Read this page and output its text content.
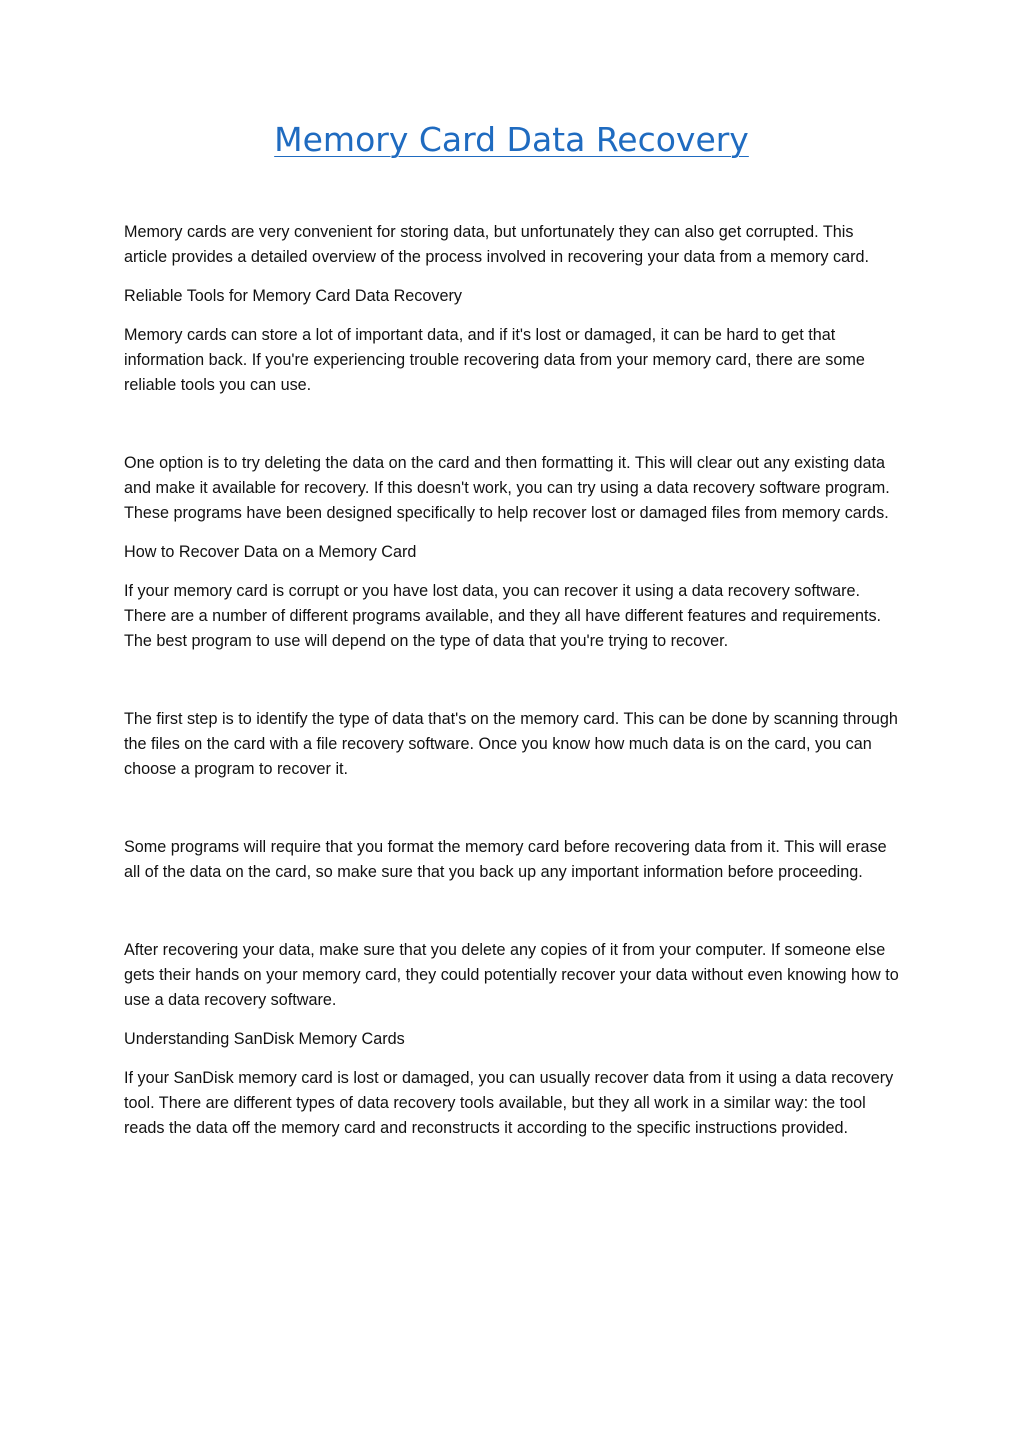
Memory Card Data Recovery

Memory cards are very convenient for storing data, but unfortunately they can also get corrupted. This article provides a detailed overview of the process involved in recovering your data from a memory card.

Reliable Tools for Memory Card Data Recovery

Memory cards can store a lot of important data, and if it's lost or damaged, it can be hard to get that information back. If you're experiencing trouble recovering data from your memory card, there are some reliable tools you can use.

One option is to try deleting the data on the card and then formatting it. This will clear out any existing data and make it available for recovery. If this doesn't work, you can try using a data recovery software program. These programs have been designed specifically to help recover lost or damaged files from memory cards.

How to Recover Data on a Memory Card

If your memory card is corrupt or you have lost data, you can recover it using a data recovery software. There are a number of different programs available, and they all have different features and requirements. The best program to use will depend on the type of data that you're trying to recover.

The first step is to identify the type of data that's on the memory card. This can be done by scanning through the files on the card with a file recovery software. Once you know how much data is on the card, you can choose a program to recover it.

Some programs will require that you format the memory card before recovering data from it. This will erase all of the data on the card, so make sure that you back up any important information before proceeding.

After recovering your data, make sure that you delete any copies of it from your computer. If someone else gets their hands on your memory card, they could potentially recover your data without even knowing how to use a data recovery software.

Understanding SanDisk Memory Cards

If your SanDisk memory card is lost or damaged, you can usually recover data from it using a data recovery tool. There are different types of data recovery tools available, but they all work in a similar way: the tool reads the data off the memory card and reconstructs it according to the specific instructions provided.
